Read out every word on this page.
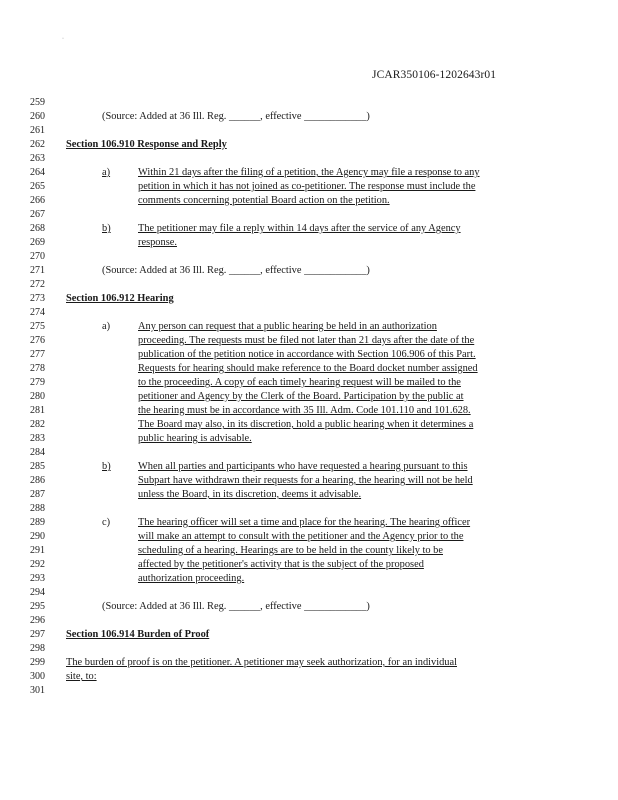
·
JCAR350106-1202643r01
259
260
261
262
263
264
265
266
267
268
269
270
271
272
273
274
275
276
277
278
279
280
281
282
283
284
285
286
287
288
289
290
291
292
293
294
295
296
297
298
299
300
301
(Source: Added at 36 Ill. Reg. ______, effective ____________)
Section 106.910 Response and Reply
a)	Within 21 days after the filing of a petition, the Agency may file a response to any
petition in which it has not joined as co-petitioner. The response must include the
comments concerning potential Board action on the petition.
b)	The petitioner may file a reply within 14 days after the service of any Agency
response.
(Source: Added at 36 Ill. Reg. ______, effective ____________)
Section 106.912 Hearing
a)	Any person can request that a public hearing be held in an authorization
proceeding. The requests must be filed not later than 21 days after the date of the
publication of the petition notice in accordance with Section 106.906 of this Part.
Requests for hearing should make reference to the Board docket number assigned
to the proceeding. A copy of each timely hearing request will be mailed to the
petitioner and Agency by the Clerk of the Board. Participation by the public at
the hearing must be in accordance with 35 Ill. Adm. Code 101.110 and 101.628.
The Board may also, in its discretion, hold a public hearing when it determines a
public hearing is advisable.
b)	When all parties and participants who have requested a hearing pursuant to this
Subpart have withdrawn their requests for a hearing, the hearing will not be held
unless the Board, in its discretion, deems it advisable.
c)	The hearing officer will set a time and place for the hearing. The hearing officer
will make an attempt to consult with the petitioner and the Agency prior to the
scheduling of a hearing. Hearings are to be held in the county likely to be
affected by the petitioner's activity that is the subject of the proposed
authorization proceeding.
(Source: Added at 36 Ill. Reg. ______, effective ____________)
Section 106.914 Burden of Proof
The burden of proof is on the petitioner. A petitioner may seek authorization, for an individual
site, to:
